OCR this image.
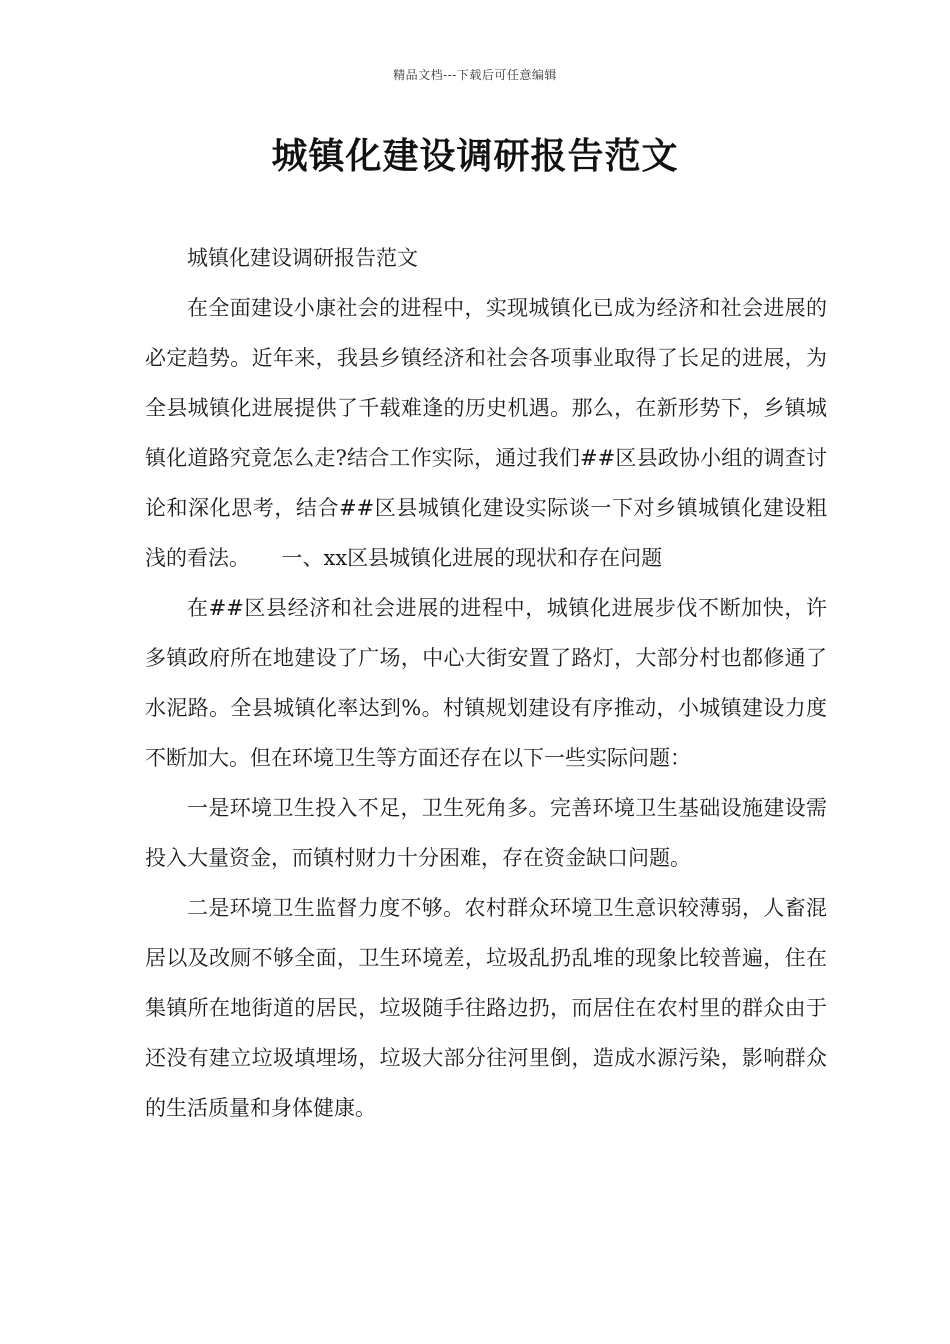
精品文档---下载后可任意编辑
城镇化建设调研报告范文

城镇化建设调研报告范文

在全面建设小康社会的进程中，实现城镇化已成为经济和社会进展的必定趋势。近年来，我县乡镇经济和社会各项事业取得了长足的进展，为全县城镇化进展提供了千载难逢的历史机遇。那么，在新形势下，乡镇城镇化道路究竟怎么走?结合工作实际，通过我们##区县政协小组的调查讨论和深化思考，结合##区县城镇化建设实际谈一下对乡镇城镇化建设粗浅的看法。　　一、xx区县城镇化进展的现状和存在问题

在##区县经济和社会进展的进程中，城镇化进展步伐不断加快，许多镇政府所在地建设了广场，中心大街安置了路灯，大部分村也都修通了水泥路。全县城镇化率达到%。村镇规划建设有序推动，小城镇建设力度不断加大。但在环境卫生等方面还存在以下一些实际问题：

一是环境卫生投入不足，卫生死角多。完善环境卫生基础设施建设需投入大量资金，而镇村财力十分困难，存在资金缺口问题。

二是环境卫生监督力度不够。农村群众环境卫生意识较薄弱，人畜混居以及改厕不够全面，卫生环境差，垃圾乱扔乱堆的现象比较普遍，住在集镇所在地街道的居民，垃圾随手往路边扔，而居住在农村里的群众由于还没有建立垃圾填埋场，垃圾大部分往河里倒，造成水源污染，影响群众的生活质量和身体健康。
